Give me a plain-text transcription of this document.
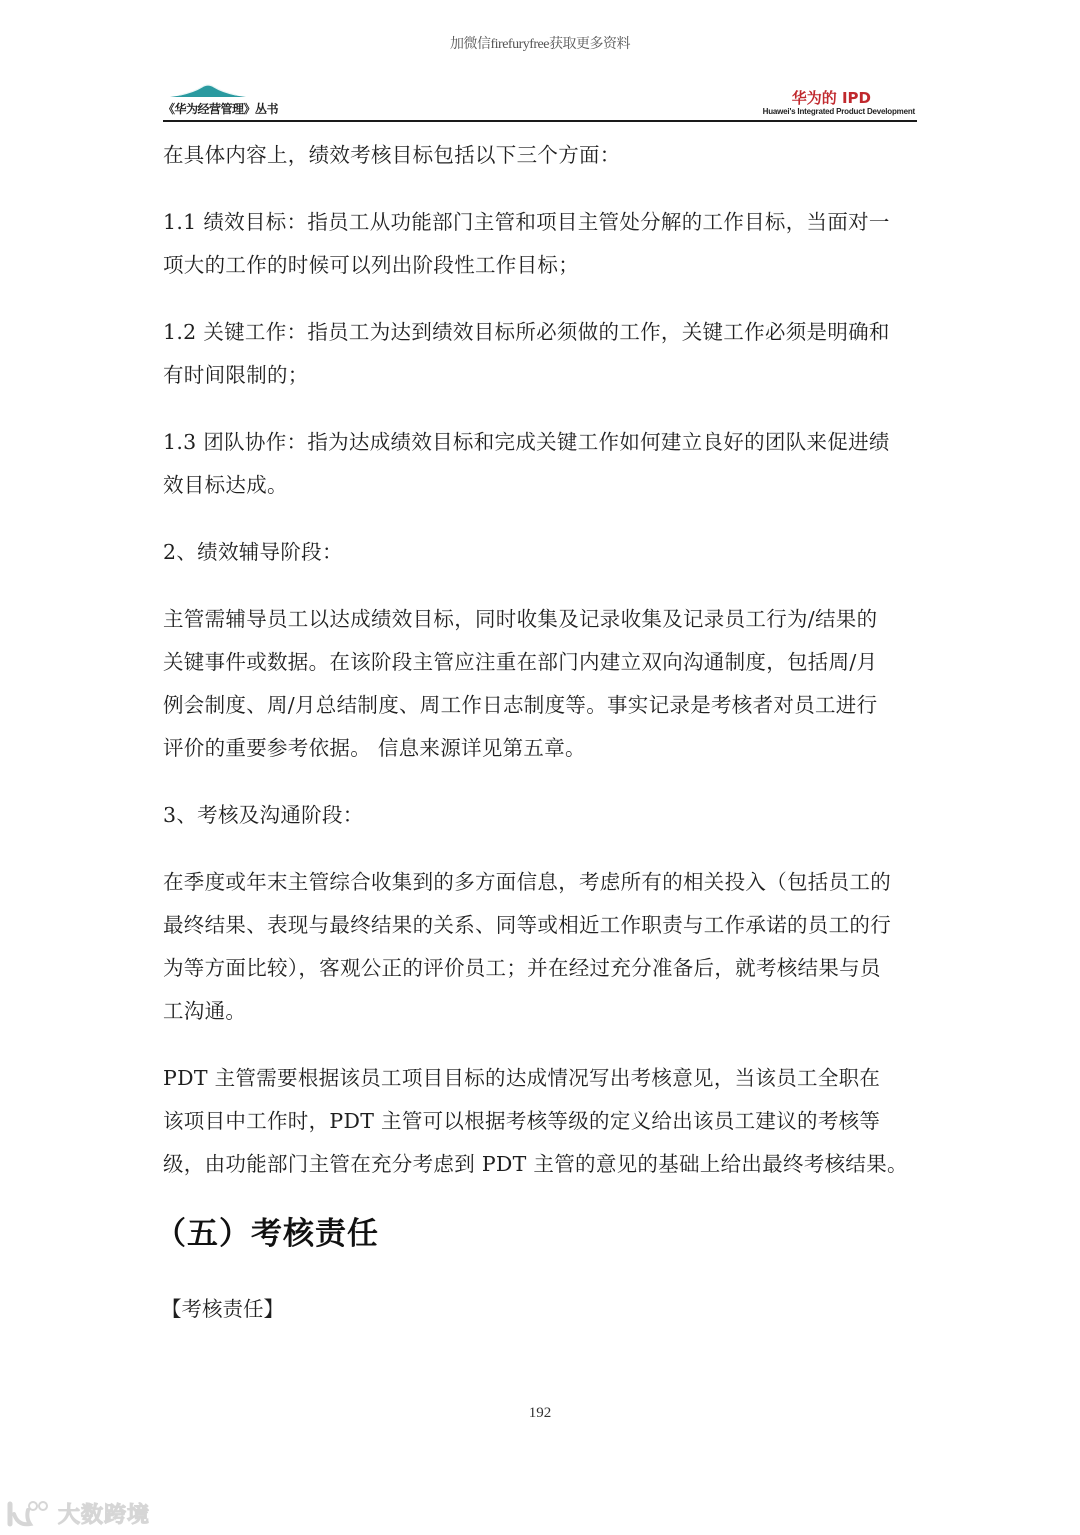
加微信firefuryfree获取更多资料
《华为经营管理》丛书
华为的 IPD
Huawei's Integrated Product Development

在具体内容上，绩效考核目标包括以下三个方面：

1.1 绩效目标：指员工从功能部门主管和项目主管处分解的工作目标，当面对一
项大的工作的时候可以列出阶段性工作目标；

1.2 关键工作：指员工为达到绩效目标所必须做的工作，关键工作必须是明确和
有时间限制的；

1.3 团队协作：指为达成绩效目标和完成关键工作如何建立良好的团队来促进绩
效目标达成。

2、绩效辅导阶段：

主管需辅导员工以达成绩效目标，同时收集及记录收集及记录员工行为/结果的
关键事件或数据。在该阶段主管应注重在部门内建立双向沟通制度，包括周/月
例会制度、周/月总结制度、周工作日志制度等。事实记录是考核者对员工进行
评价的重要参考依据。 信息来源详见第五章。

3、考核及沟通阶段：

在季度或年末主管综合收集到的多方面信息，考虑所有的相关投入（包括员工的
最终结果、表现与最终结果的关系、同等或相近工作职责与工作承诺的员工的行
为等方面比较），客观公正的评价员工；并在经过充分准备后，就考核结果与员
工沟通。

PDT 主管需要根据该员工项目目标的达成情况写出考核意见，当该员工全职在
该项目中工作时，PDT 主管可以根据考核等级的定义给出该员工建议的考核等
级，由功能部门主管在充分考虑到 PDT 主管的意见的基础上给出最终考核结果。

（五）考核责任
【考核责任】
192
大数跨境
